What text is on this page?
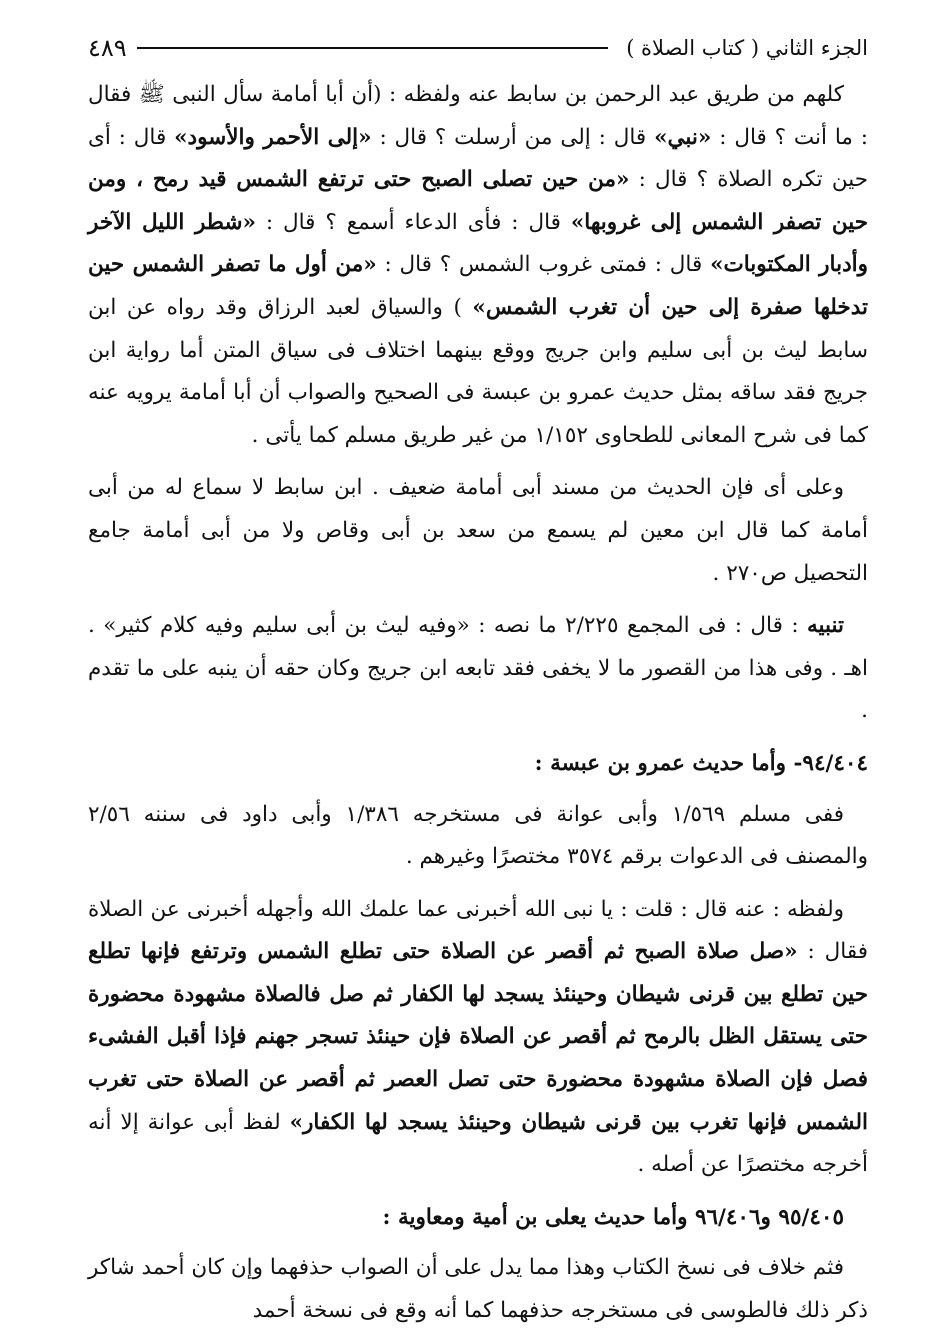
الجزء الثاني ( كتاب الصلاة )
٤٨٩

كلهم من طريق عبد الرحمن بن سابط عنه ولفظه : (أن أبا أمامة سأل النبى ﷺ فقال : ما أنت ؟ قال : «نبي» قال : إلى من أرسلت ؟ قال : «إلى الأحمر والأسود» قال : أى حين تكره الصلاة ؟ قال : «من حين تصلى الصبح حتى ترتفع الشمس قيد رمح ، ومن حين تصفر الشمس إلى غروبها» قال : فأى الدعاء أسمع ؟ قال : «شطر الليل الآخر وأدبار المكتوبات» قال : فمتى غروب الشمس ؟ قال : «من أول ما تصفر الشمس حين تدخلها صفرة إلى حين أن تغرب الشمس» ) والسياق لعبد الرزاق وقد رواه عن ابن سابط ليث بن أبى سليم وابن جريج ووقع بينهما اختلاف فى سياق المتن أما رواية ابن جريج فقد ساقه بمثل حديث عمرو بن عبسة فى الصحيح والصواب أن أبا أمامة يرويه عنه كما فى شرح المعانى للطحاوى ١/١٥٢ من غير طريق مسلم كما يأتى .

وعلى أى فإن الحديث من مسند أبى أمامة ضعيف . ابن سابط لا سماع له من أبى أمامة كما قال ابن معين لم يسمع من سعد بن أبى وقاص ولا من أبى أمامة جامع التحصيل ص٢٧٠ .

تنبيه : قال : فى المجمع ٢/٢٢٥ ما نصه : «وفيه ليث بن أبى سليم وفيه كلام كثير» . اهـ . وفى هذا من القصور ما لا يخفى فقد تابعه ابن جريج وكان حقه أن ينبه على ما تقدم .

٩٤/٤٠٤- وأما حديث عمرو بن عبسة :

ففى مسلم ١/٥٦٩ وأبى عوانة فى مستخرجه ١/٣٨٦ وأبى داود فى سننه ٢/٥٦ والمصنف فى الدعوات برقم ٣٥٧٤ مختصرًا وغيرهم .

ولفظه : عنه قال : قلت : يا نبى الله أخبرنى عما علمك الله وأجهله أخبرنى عن الصلاة فقال : «صل صلاة الصبح ثم أقصر عن الصلاة حتى تطلع الشمس وترتفع فإنها تطلع حين تطلع بين قرنى شيطان وحينئذ يسجد لها الكفار ثم صل فالصلاة مشهودة محضورة حتى يستقل الظل بالرمح ثم أقصر عن الصلاة فإن حينئذ تسجر جهنم فإذا أقبل الفشىء فصل فإن الصلاة مشهودة محضورة حتى تصل العصر ثم أقصر عن الصلاة حتى تغرب الشمس فإنها تغرب بين قرنى شيطان وحينئذ يسجد لها الكفار» لفظ أبى عوانة إلا أنه أخرجه مختصرًا عن أصله .

٩٥/٤٠٥ و٩٦/٤٠٦ وأما حديث يعلى بن أمية ومعاوية :

فثم خلاف فى نسخ الكتاب وهذا مما يدل على أن الصواب حذفهما وإن كان أحمد شاكر ذكر ذلك فالطوسى فى مستخرجه حذفهما كما أنه وقع فى نسخة أحمد
